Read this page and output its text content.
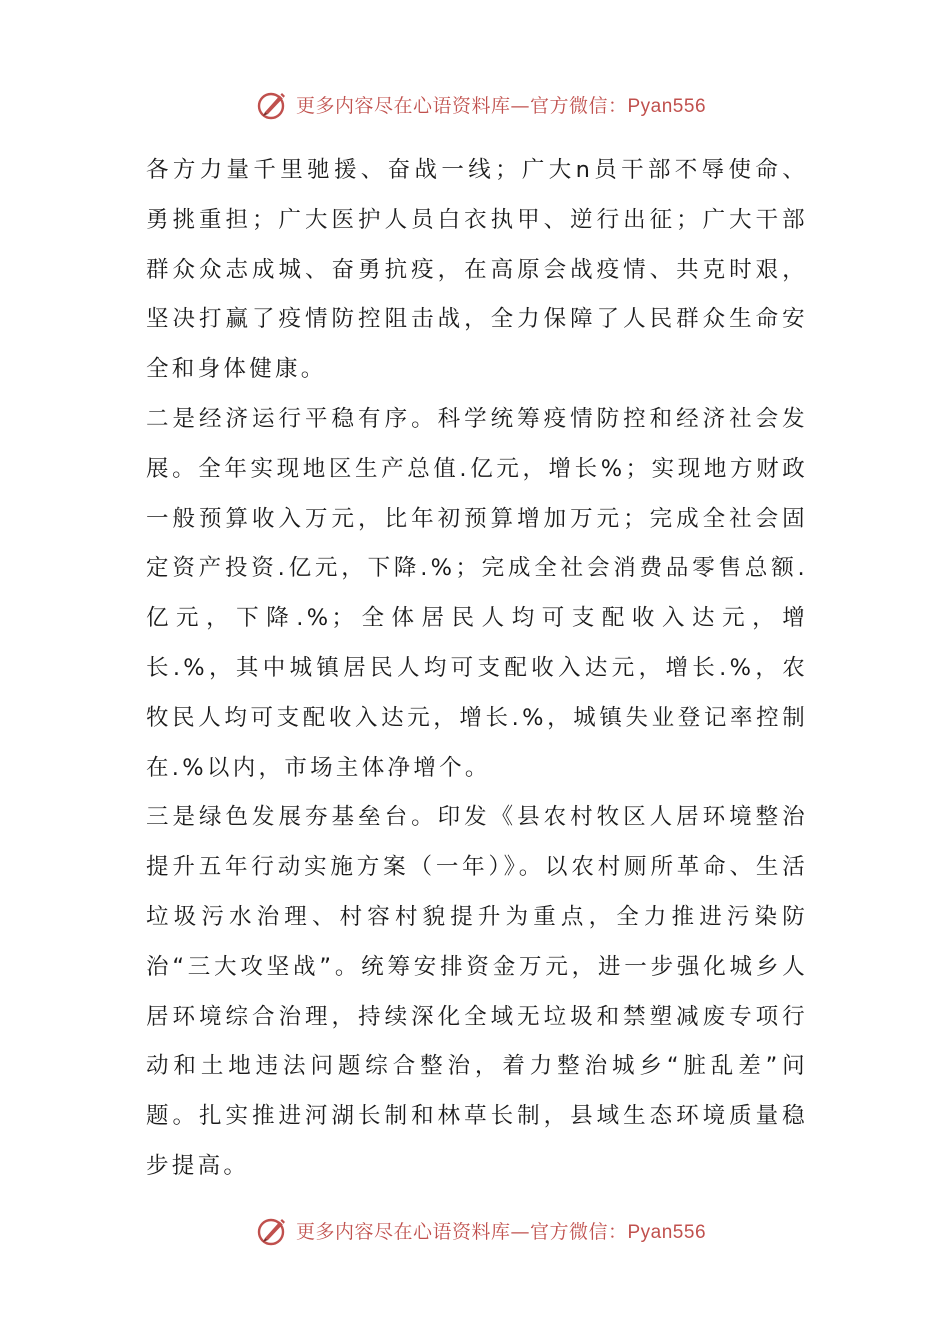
更多内容尽在心语资料库—官方微信：Pyan556

各方力量千里驰援、奋战一线；广大n员干部不辱使命、勇挑重担；广大医护人员白衣执甲、逆行出征；广大干部群众众志成城、奋勇抗疫，在高原会战疫情、共克时艰，坚决打赢了疫情防控阻击战，全力保障了人民群众生命安全和身体健康。

二是经济运行平稳有序。科学统筹疫情防控和经济社会发展。全年实现地区生产总值.亿元，增长%；实现地方财政一般预算收入万元，比年初预算增加万元；完成全社会固定资产投资.亿元，下降.%；完成全社会消费品零售总额.亿元，下降.%；全体居民人均可支配收入达元，增长.%，其中城镇居民人均可支配收入达元，增长.%，农牧民人均可支配收入达元，增长.%，城镇失业登记率控制在.%以内，市场主体净增个。

三是绿色发展夯基垒台。印发《县农村牧区人居环境整治提升五年行动实施方案（一年）》。以农村厕所革命、生活垃圾污水治理、村容村貌提升为重点，全力推进污染防治“三大攻坚战”。统筹安排资金万元，进一步强化城乡人居环境综合治理，持续深化全域无垃圾和禁塑减废专项行动和土地违法问题综合整治，着力整治城乡“脏乱差”问题。扎实推进河湖长制和林草长制，县域生态环境质量稳步提高。

更多内容尽在心语资料库—官方微信：Pyan556
